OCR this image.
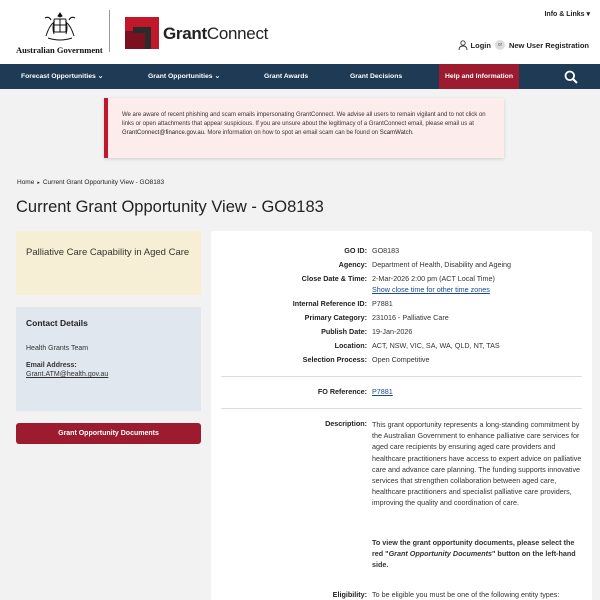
Australian Government
GrantConnect
Info & Links ▾
Login	or New User Registration
Forecast Opportunities ⌄	Grant Opportunities ⌄	Grant Awards	Grant Decisions	Help and Information
We are aware of recent phishing and scam emails impersonating GrantConnect. We advise all users to remain vigilant and to not click on links or open attachments that appear suspicious. If you are unsure about the legitimacy of a GrantConnect email, please email us at GrantConnect@finance.gov.au. More information on how to spot an email scam can be found on ScamWatch.
Home ▸ Current Grant Opportunity View - GO8183
Current Grant Opportunity View - GO8183
Palliative Care Capability in Aged Care
Contact Details
Health Grants Team
Email Address:
Grant.ATM@health.gov.au
Grant Opportunity Documents
GO ID: GO8183
Agency: Department of Health, Disability and Ageing
Close Date & Time: 2-Mar-2026 2:00 pm (ACT Local Time)
Show close time for other time zones
Internal Reference ID: P7881
Primary Category: 231016 - Palliative Care
Publish Date: 19-Jan-2026
Location: ACT, NSW, VIC, SA, WA, QLD, NT, TAS
Selection Process: Open Competitive
FO Reference: P7881
Description: This grant opportunity represents a long-standing commitment by the Australian Government to enhance palliative care services for aged care recipients by ensuring aged care providers and healthcare practitioners have access to expert advice on palliative care and advance care planning. The funding supports innovative services that strengthen collaboration between aged care, healthcare practitioners and specialist palliative care providers, improving the quality and coordination of care.
To view the grant opportunity documents, please select the red "Grant Opportunity Documents" button on the left-hand side.
Eligibility: To be eligible you must be one of the following entity types:
